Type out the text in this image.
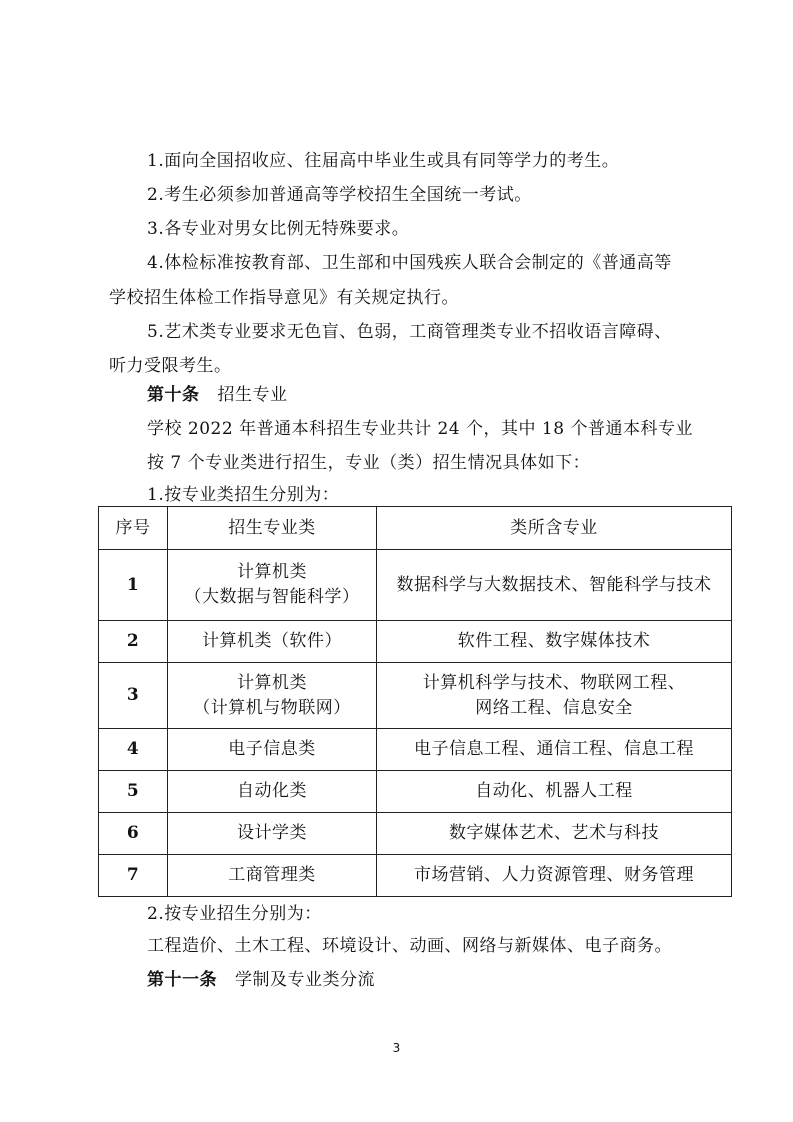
1.面向全国招收应、往届高中毕业生或具有同等学力的考生。
2.考生必须参加普通高等学校招生全国统一考试。
3.各专业对男女比例无特殊要求。
4.体检标准按教育部、卫生部和中国残疾人联合会制定的《普通高等
学校招生体检工作指导意见》有关规定执行。
5.艺术类专业要求无色盲、色弱，工商管理类专业不招收语言障碍、
听力受限考生。
第十条 招生专业
学校 2022 年普通本科招生专业共计 24 个，其中 18 个普通本科专业
按 7 个专业类进行招生，专业（类）招生情况具体如下：
1.按专业类招生分别为：
序号	招生专业类	类所含专业
1	计算机类
（大数据与智能科学）	数据科学与大数据技术、智能科学与技术

2	计算机类（软件）	软件工程、数字媒体技术

3	计算机类
（计算机与物联网）	计算机科学与技术、物联网工程、
网络工程、信息安全

4	电子信息类	电子信息工程、通信工程、信息工程

5	自动化类	自动化、机器人工程

6	设计学类	数字媒体艺术、艺术与科技

7	工商管理类	市场营销、人力资源管理、财务管理
2.按专业招生分别为：
工程造价、土木工程、环境设计、动画、网络与新媒体、电子商务。
第十一条 学制及专业类分流
3
